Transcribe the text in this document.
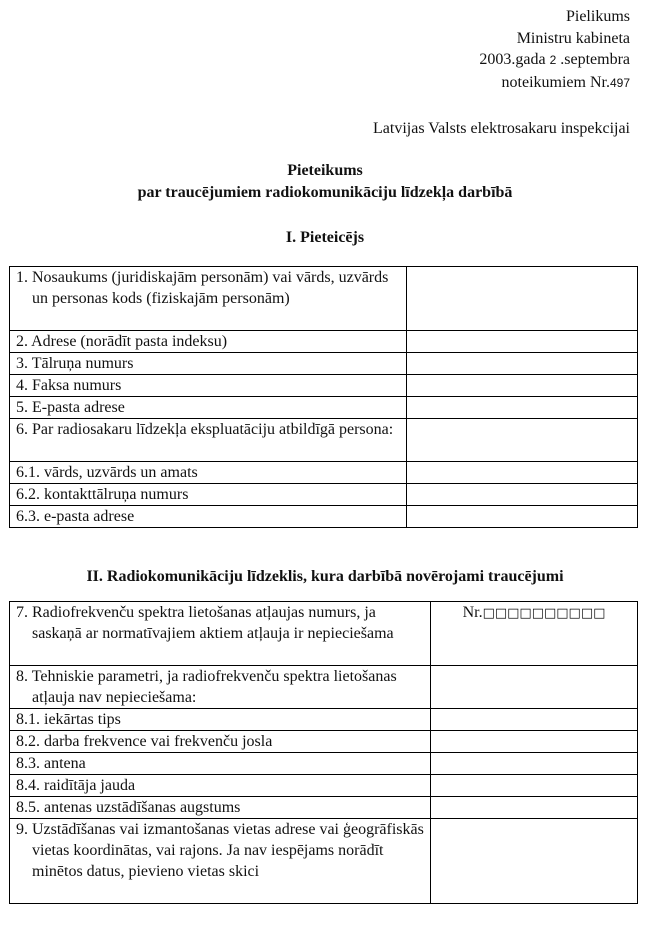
Pielikums
Ministru kabineta
2003.gada 2 .septembra
noteikumiem Nr.497
Latvijas Valsts elektrosakaru inspekcijai
Pieteikums
par traucējumiem radiokomunikāciju līdzekļa darbībā
I. Pieteicējs
1. Nosaukums (juridiskajām personām) vai vārds, uzvārds un personas kods (fiziskajām personām)	
2. Adrese (norādīt pasta indeksu)	
3. Tālruņa numurs	
4. Faksa numurs	
5. E-pasta adrese	
6. Par radiosakaru līdzekļa ekspluatāciju atbildīgā persona:	
6.1. vārds, uzvārds un amats	
6.2. kontakttālruņa numurs	
6.3. e-pasta adrese	
II. Radiokomunikāciju līdzeklis, kura darbībā novērojami traucējumi
7. Radiofrekvenču spektra lietošanas atļaujas numurs, ja saskaņā ar normatīvajiem aktiem atļauja ir nepieciešama	Nr.□□□□□□□□□□
8. Tehniskie parametri, ja radiofrekvenču spektra lietošanas atļauja nav nepieciešama:	
8.1. iekārtas tips	
8.2. darba frekvence vai frekvenču josla	
8.3. antena	
8.4. raidītāja jauda	
8.5. antenas uzstādīšanas augstums	
9. Uzstādīšanas vai izmantošanas vietas adrese vai ģeogrāfiskās vietas koordinātas, vai rajons. Ja nav iespējams norādīt minētos datus, pievieno vietas skici	
